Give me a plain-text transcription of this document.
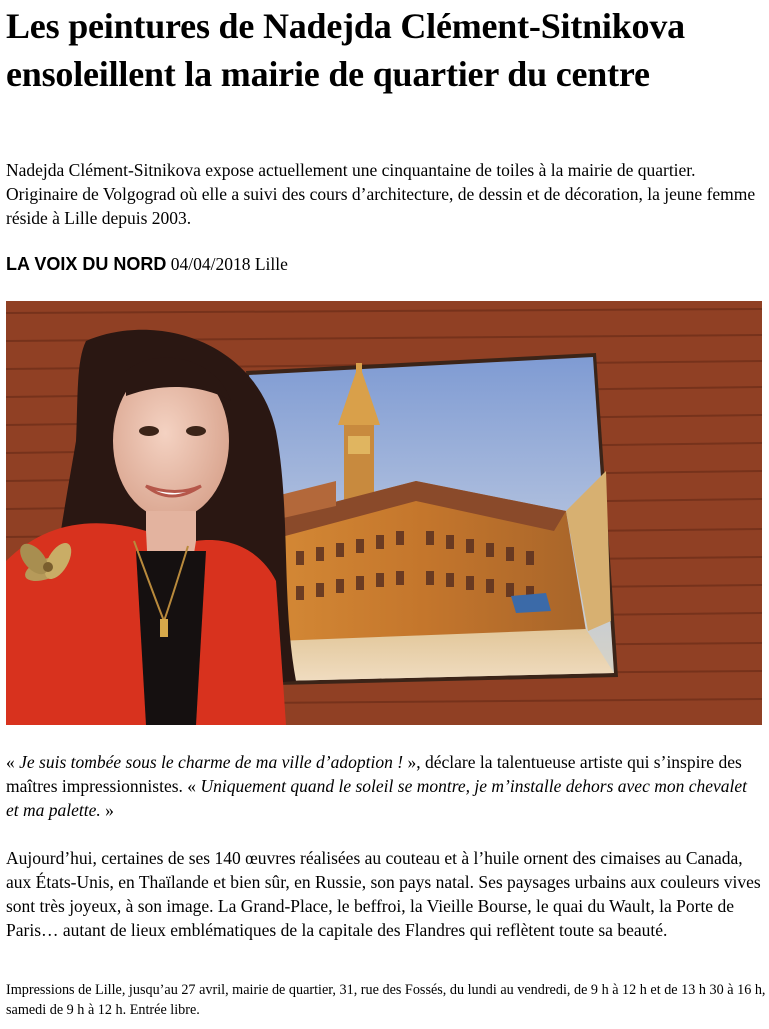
Les peintures de Nadejda Clément-Sitnikova ensoleillent la mairie de quartier du centre

Nadejda Clément-Sitnikova expose actuellement une cinquantaine de toiles à la mairie de quartier. Originaire de Volgograd où elle a suivi des cours d’architecture, de dessin et de décoration, la jeune femme réside à Lille depuis 2003.

LA VOIX DU NORD 04/04/2018 Lille

« Je suis tombée sous le charme de ma ville d’adoption ! », déclare la talentueuse artiste qui s’inspire des maîtres impressionnistes. « Uniquement quand le soleil se montre, je m’installe dehors avec mon chevalet et ma palette. »

Aujourd’hui, certaines de ses 140 œuvres réalisées au couteau et à l’huile ornent des cimaises au Canada, aux États-Unis, en Thaïlande et bien sûr, en Russie, son pays natal. Ses paysages urbains aux couleurs vives sont très joyeux, à son image. La Grand-Place, le beffroi, la Vieille Bourse, le quai du Wault, la Porte de Paris… autant de lieux emblématiques de la capitale des Flandres qui reflètent toute sa beauté.

Impressions de Lille, jusqu’au 27 avril, mairie de quartier, 31, rue des Fossés, du lundi au vendredi, de 9 h à 12 h et de 13 h 30 à 16 h, samedi de 9 h à 12 h. Entrée libre.
